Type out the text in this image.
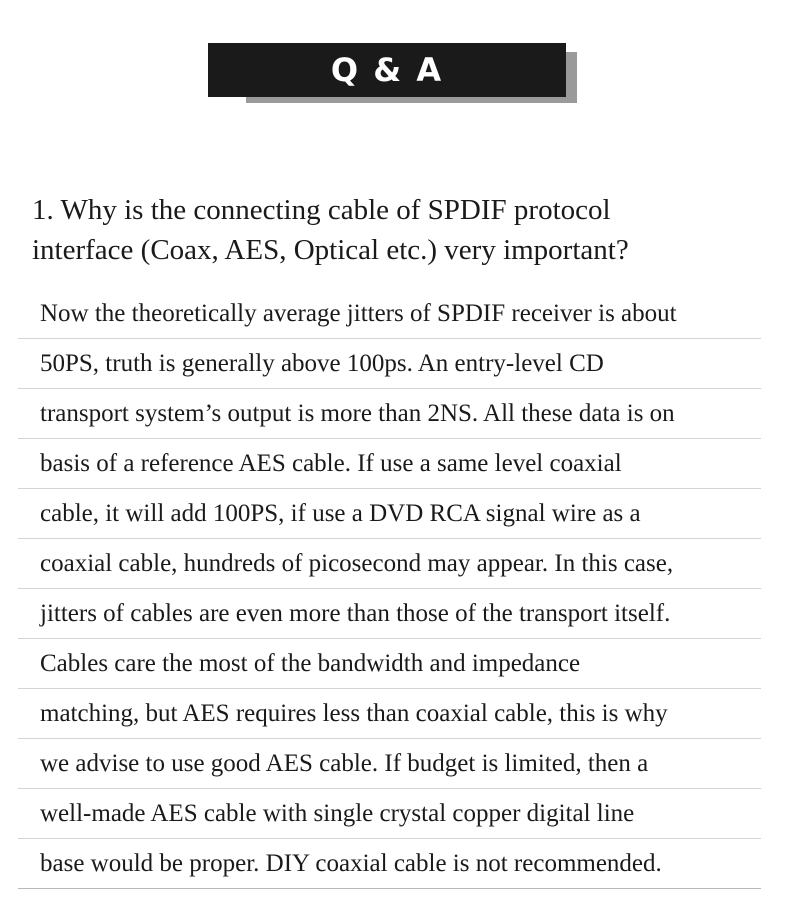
Q & A
1. Why is the connecting cable of SPDIF protocol
interface (Coax, AES, Optical etc.) very important?
Now the theoretically average jitters of SPDIF receiver is about
50PS, truth is generally above 100ps. An entry-level CD
transport system’s output is more than 2NS. All these data is on
basis of a reference AES cable. If use a same level coaxial
cable, it will add 100PS, if use a DVD RCA signal wire as a
coaxial cable, hundreds of picosecond may appear. In this case,
jitters of cables are even more than those of the transport itself.
Cables care the most of the bandwidth and impedance
matching, but AES requires less than coaxial cable, this is why
we advise to use good AES cable. If budget is limited, then a
well-made AES cable with single crystal copper digital line
base would be proper. DIY coaxial cable is not recommended.
